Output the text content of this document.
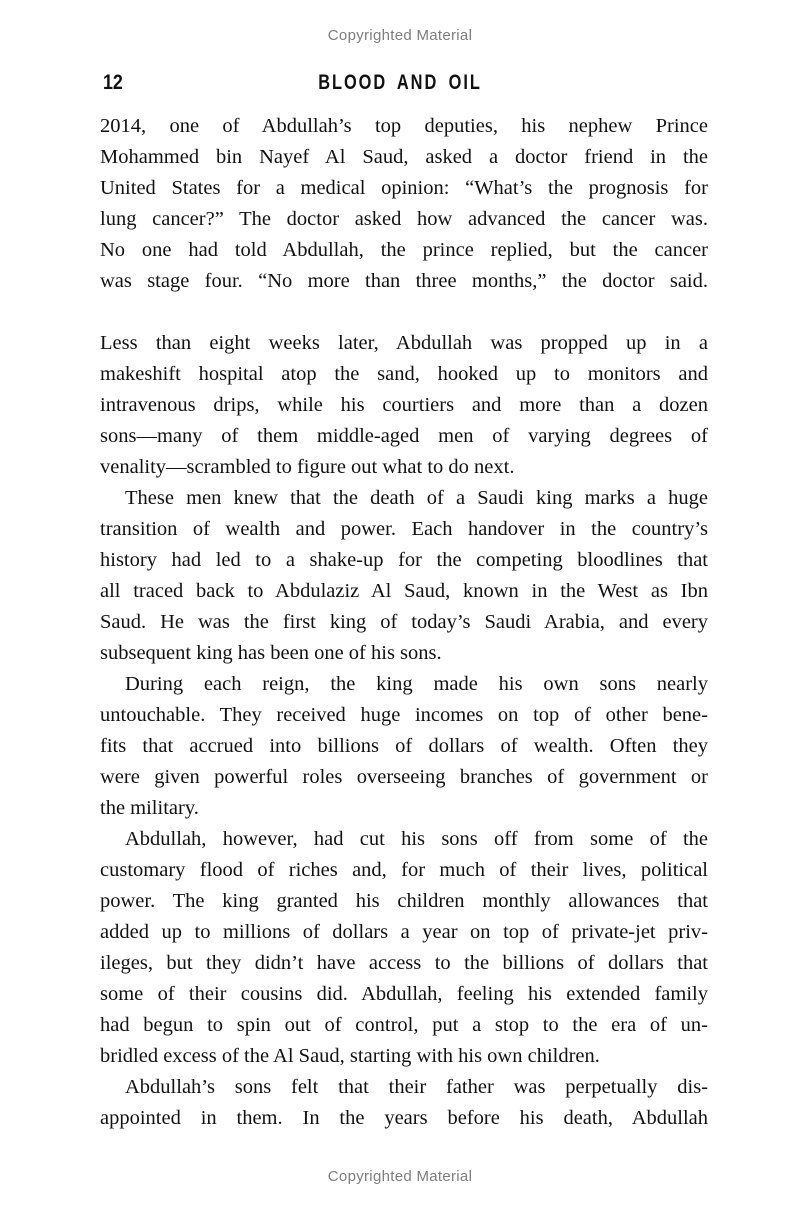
Copyrighted Material
12	BLOOD AND OIL
2014, one of Abdullah’s top deputies, his nephew Prince
Mohammed bin Nayef Al Saud, asked a doctor friend in the
United States for a medical opinion: “What’s the prognosis for
lung cancer?” The doctor asked how advanced the cancer was.
No one had told Abdullah, the prince replied, but the cancer
was stage four. “No more than three months,” the doctor said.
Less than eight weeks later, Abdullah was propped up in a
makeshift hospital atop the sand, hooked up to monitors and
intravenous drips, while his courtiers and more than a dozen
sons—many of them middle-aged men of varying degrees of
venality—scrambled to figure out what to do next.
These men knew that the death of a Saudi king marks a huge
transition of wealth and power. Each handover in the country’s
history had led to a shake-up for the competing bloodlines that
all traced back to Abdulaziz Al Saud, known in the West as Ibn
Saud. He was the first king of today’s Saudi Arabia, and every
subsequent king has been one of his sons.
During each reign, the king made his own sons nearly
untouchable. They received huge incomes on top of other bene-
fits that accrued into billions of dollars of wealth. Often they
were given powerful roles overseeing branches of government or
the military.
Abdullah, however, had cut his sons off from some of the
customary flood of riches and, for much of their lives, political
power. The king granted his children monthly allowances that
added up to millions of dollars a year on top of private-jet priv-
ileges, but they didn’t have access to the billions of dollars that
some of their cousins did. Abdullah, feeling his extended family
had begun to spin out of control, put a stop to the era of un-
bridled excess of the Al Saud, starting with his own children.
Abdullah’s sons felt that their father was perpetually dis-
appointed in them. In the years before his death, Abdullah
Copyrighted Material
